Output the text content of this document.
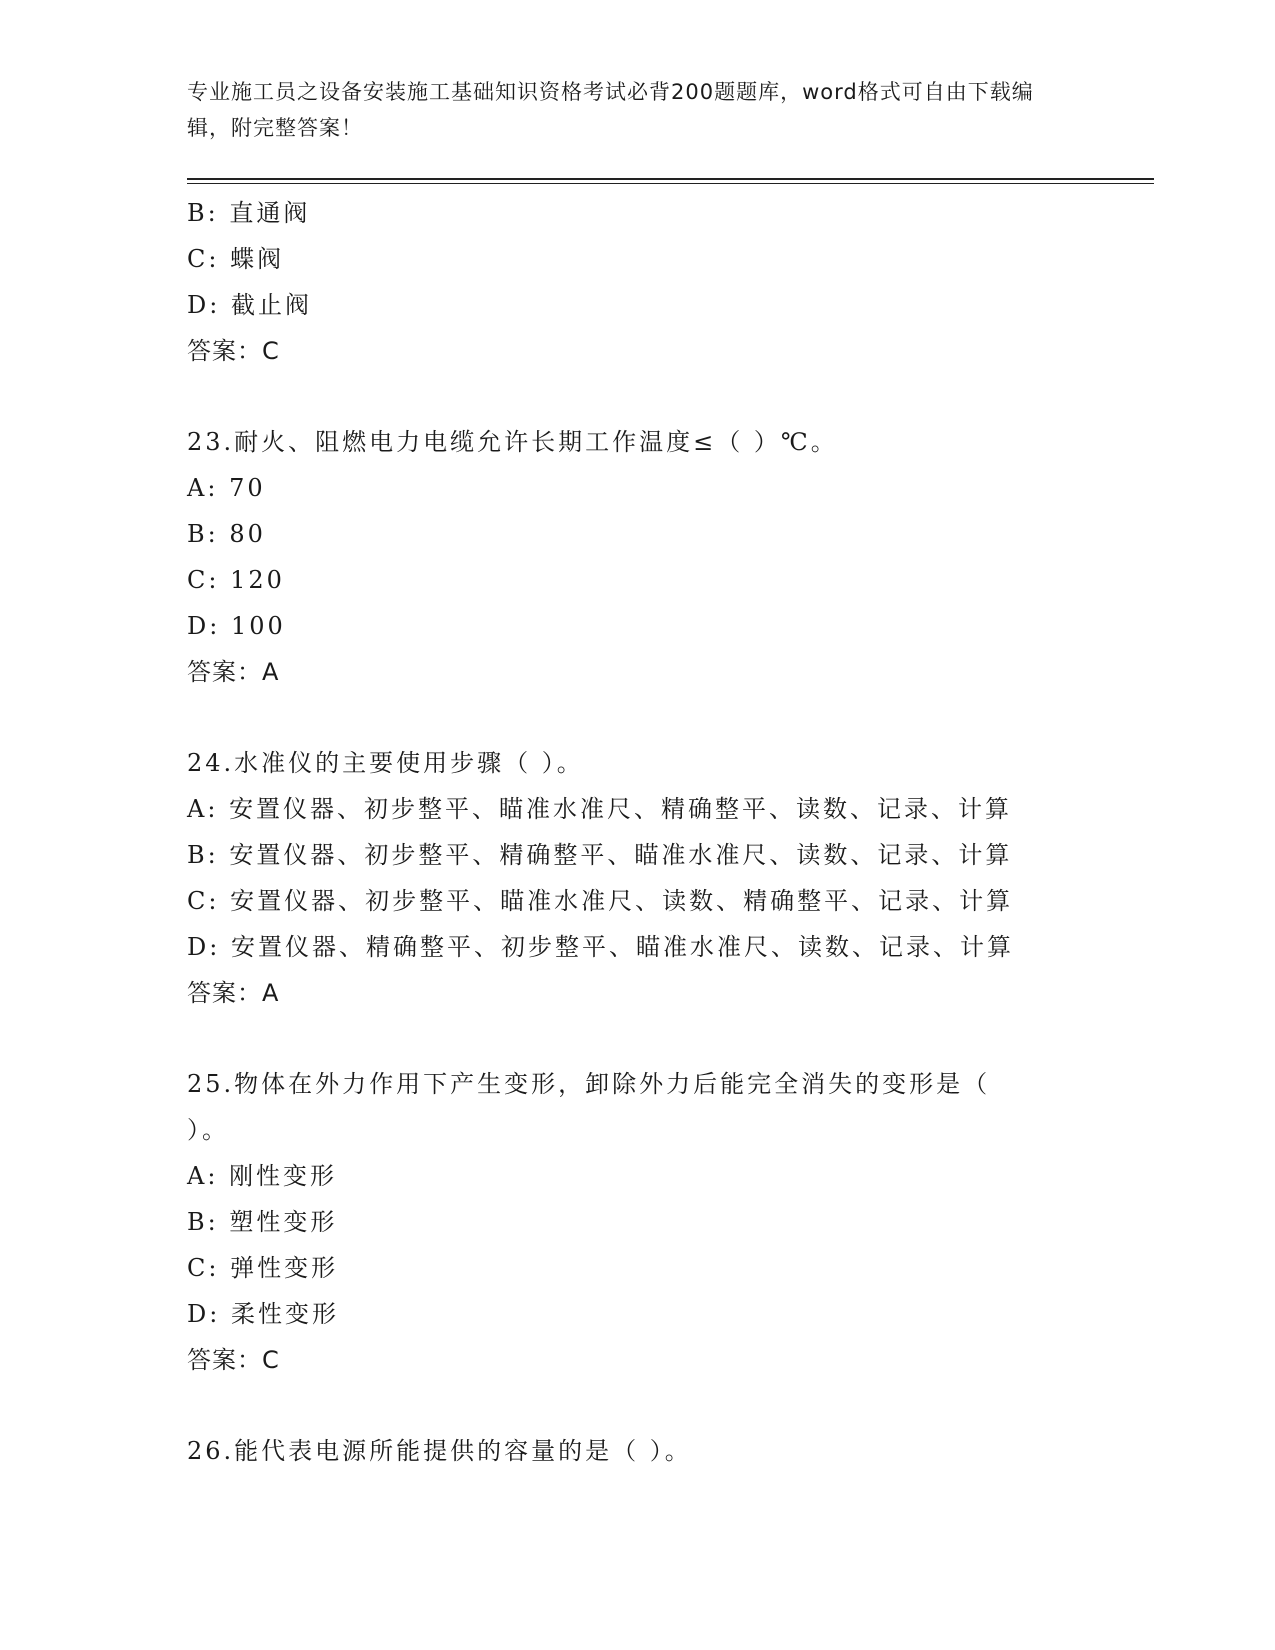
专业施工员之设备安装施工基础知识资格考试必背200题题库，word格式可自由下载编辑，附完整答案！
B: 直通阀
C: 蝶阀
D: 截止阀
答案：C
23.耐火、阻燃电力电缆允许长期工作温度≤（ ）℃。
A: 70
B: 80
C: 120
D: 100
答案：A
24.水准仪的主要使用步骤（ ）。
A: 安置仪器、初步整平、瞄准水准尺、精确整平、读数、记录、计算
B: 安置仪器、初步整平、精确整平、瞄准水准尺、读数、记录、计算
C: 安置仪器、初步整平、瞄准水准尺、读数、精确整平、记录、计算
D: 安置仪器、精确整平、初步整平、瞄准水准尺、读数、记录、计算
答案：A
25.物体在外力作用下产生变形，卸除外力后能完全消失的变形是（
）。
A: 刚性变形
B: 塑性变形
C: 弹性变形
D: 柔性变形
答案：C
26.能代表电源所能提供的容量的是（ ）。
